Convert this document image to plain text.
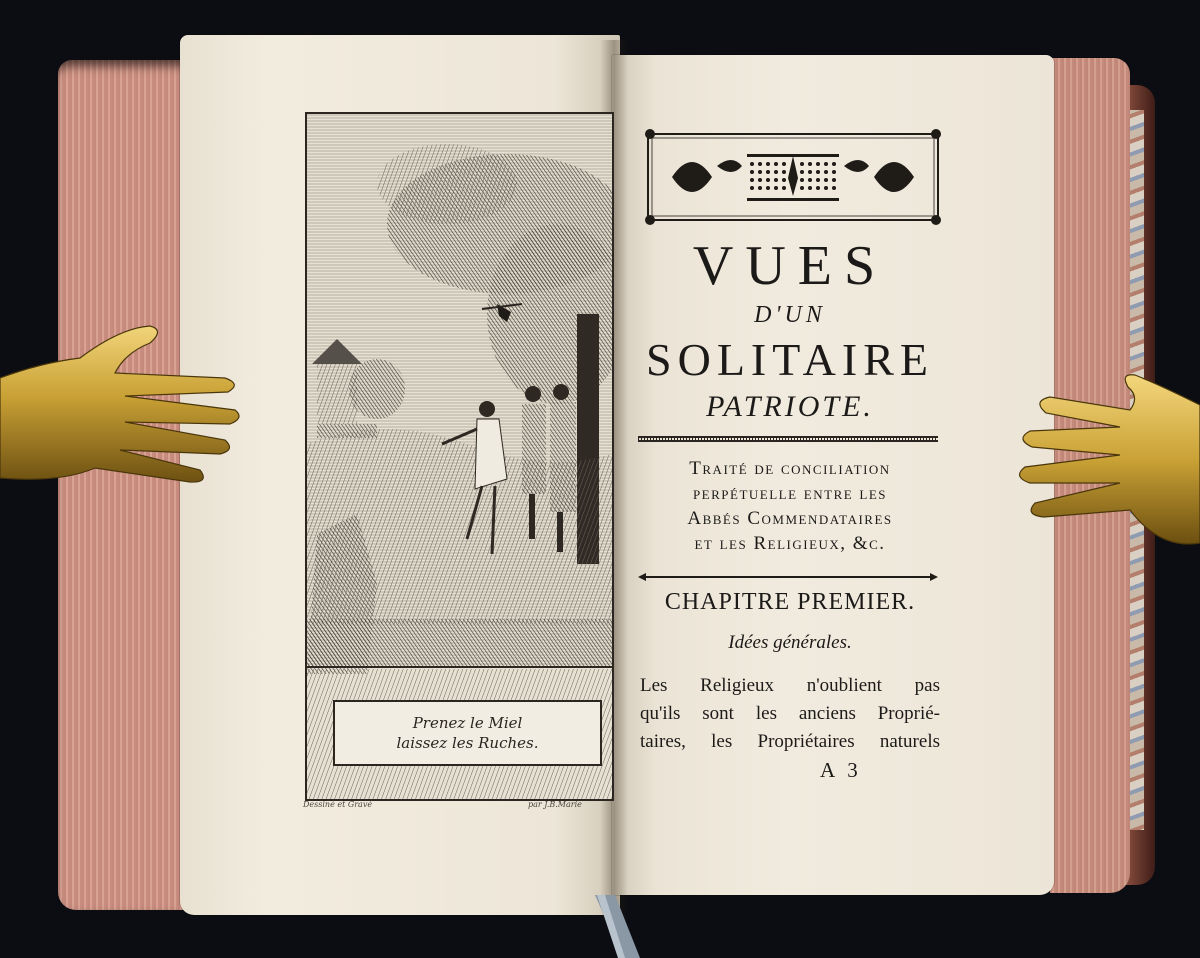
Prenez le Miel
laissez les Ruches.
Dessiné et Gravé	par J.B.Marie
VUES
D'UN
SOLITAIRE
PATRIOTE.
Traité de conciliation
perpétuelle entre les
Abbés Commendataires
et les Religieux, &c.
CHAPITRE PREMIER.
Idées générales.
Les Religieux n'oublient pas
qu'ils sont les anciens Proprié-
taires, les Propriétaires naturels
A 3
